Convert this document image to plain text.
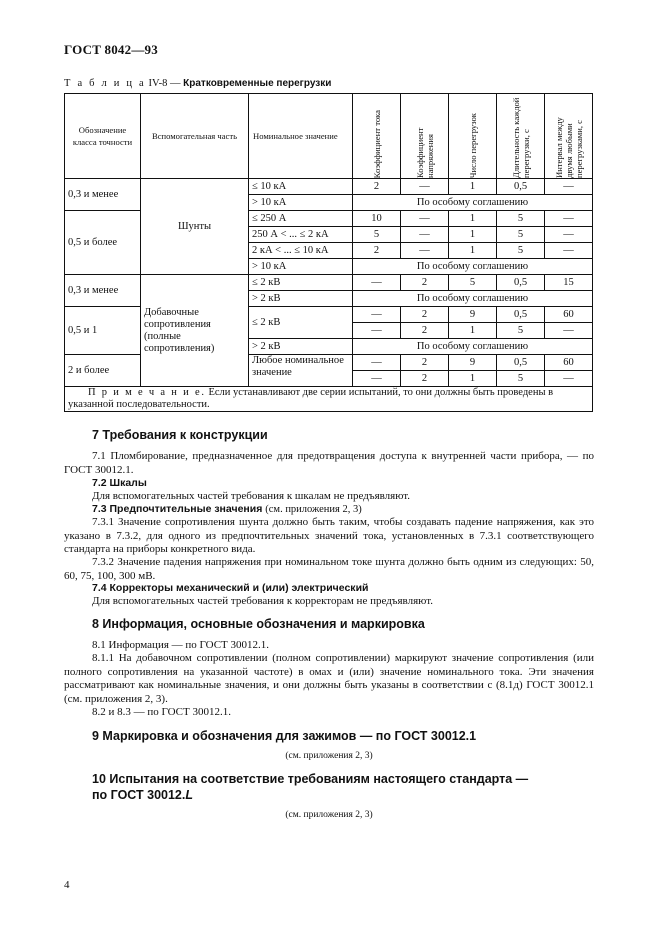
ГОСТ 8042—93
Т а б л и ц а IV-8 — Кратковременные перегрузки
Обозначение класса точности	Вспомогательная часть	Номинальное значение	Коэффициент тока	Коэффициент напряжения	Число перегрузок	Длительность каждой перегрузки, с	Интервал между двумя любыми перегрузками, с

0,3 и менее	Шунты	≤ 10 кА	2	—	1	0,5	—
		> 10 кА	По особому соглашению				
0,5 и более		≤ 250 А	10	—	1	5	—
		250 А < ... ≤ 2 кА	5	—	1	5	—
		2 кА < ... ≤ 10 кА	2	—	1	5	—
		> 10 кА	По особому соглашению				
0,3 и менее	Добавочные сопротивления (полные сопротивления)	≤ 2 кВ	—	2	5	0,5	15
		> 2 кВ	По особому соглашению				
0,5 и 1		≤ 2 кВ	—	2	9	0,5	60
			—	2	1	5	—
		> 2 кВ	По особому соглашению				
2 и более		Любое номинальное значение	—	2	9	0,5	60
			—	2	1	5	—
П р и м е ч а н и е. Если устанавливают две серии испытаний, то они должны быть проведены в указанной последовательности.							
7 Требования к конструкции
7.1 Пломбирование, предназначенное для предотвращения доступа к внутренней части прибора, — по ГОСТ 30012.1.
7.2 Шкалы
Для вспомогательных частей требования к шкалам не предъявляют.
7.3 Предпочтительные значения (см. приложения 2, 3)
7.3.1 Значение сопротивления шунта должно быть таким, чтобы создавать падение напряжения, как это указано в 7.3.2, для одного из предпочтительных значений тока, установленных в 7.3.1 соответствующего стандарта на приборы конкретного вида.
7.3.2 Значение падения напряжения при номинальном токе шунта должно быть одним из следующих: 50, 60, 75, 100, 300 мВ.
7.4 Корректоры механический и (или) электрический
Для вспомогательных частей требования к корректорам не предъявляют.
8 Информация, основные обозначения и маркировка
8.1 Информация — по ГОСТ 30012.1.
8.1.1 На добавочном сопротивлении (полном сопротивлении) маркируют значение сопротивления (или полного сопротивления на указанной частоте) в омах и (или) значение номинального тока. Эти значения рассматривают как номинальные значения, и они должны быть указаны в соответствии с (8.1д) ГОСТ 30012.1 (см. приложения 2, 3).
8.2 и 8.3 — по ГОСТ 30012.1.
9 Маркировка и обозначения для зажимов — по ГОСТ 30012.1
(см. приложения 2, 3)
10 Испытания на соответствие требованиям настоящего стандарта —
по ГОСТ 30012.L
(см. приложения 2, 3)
4
